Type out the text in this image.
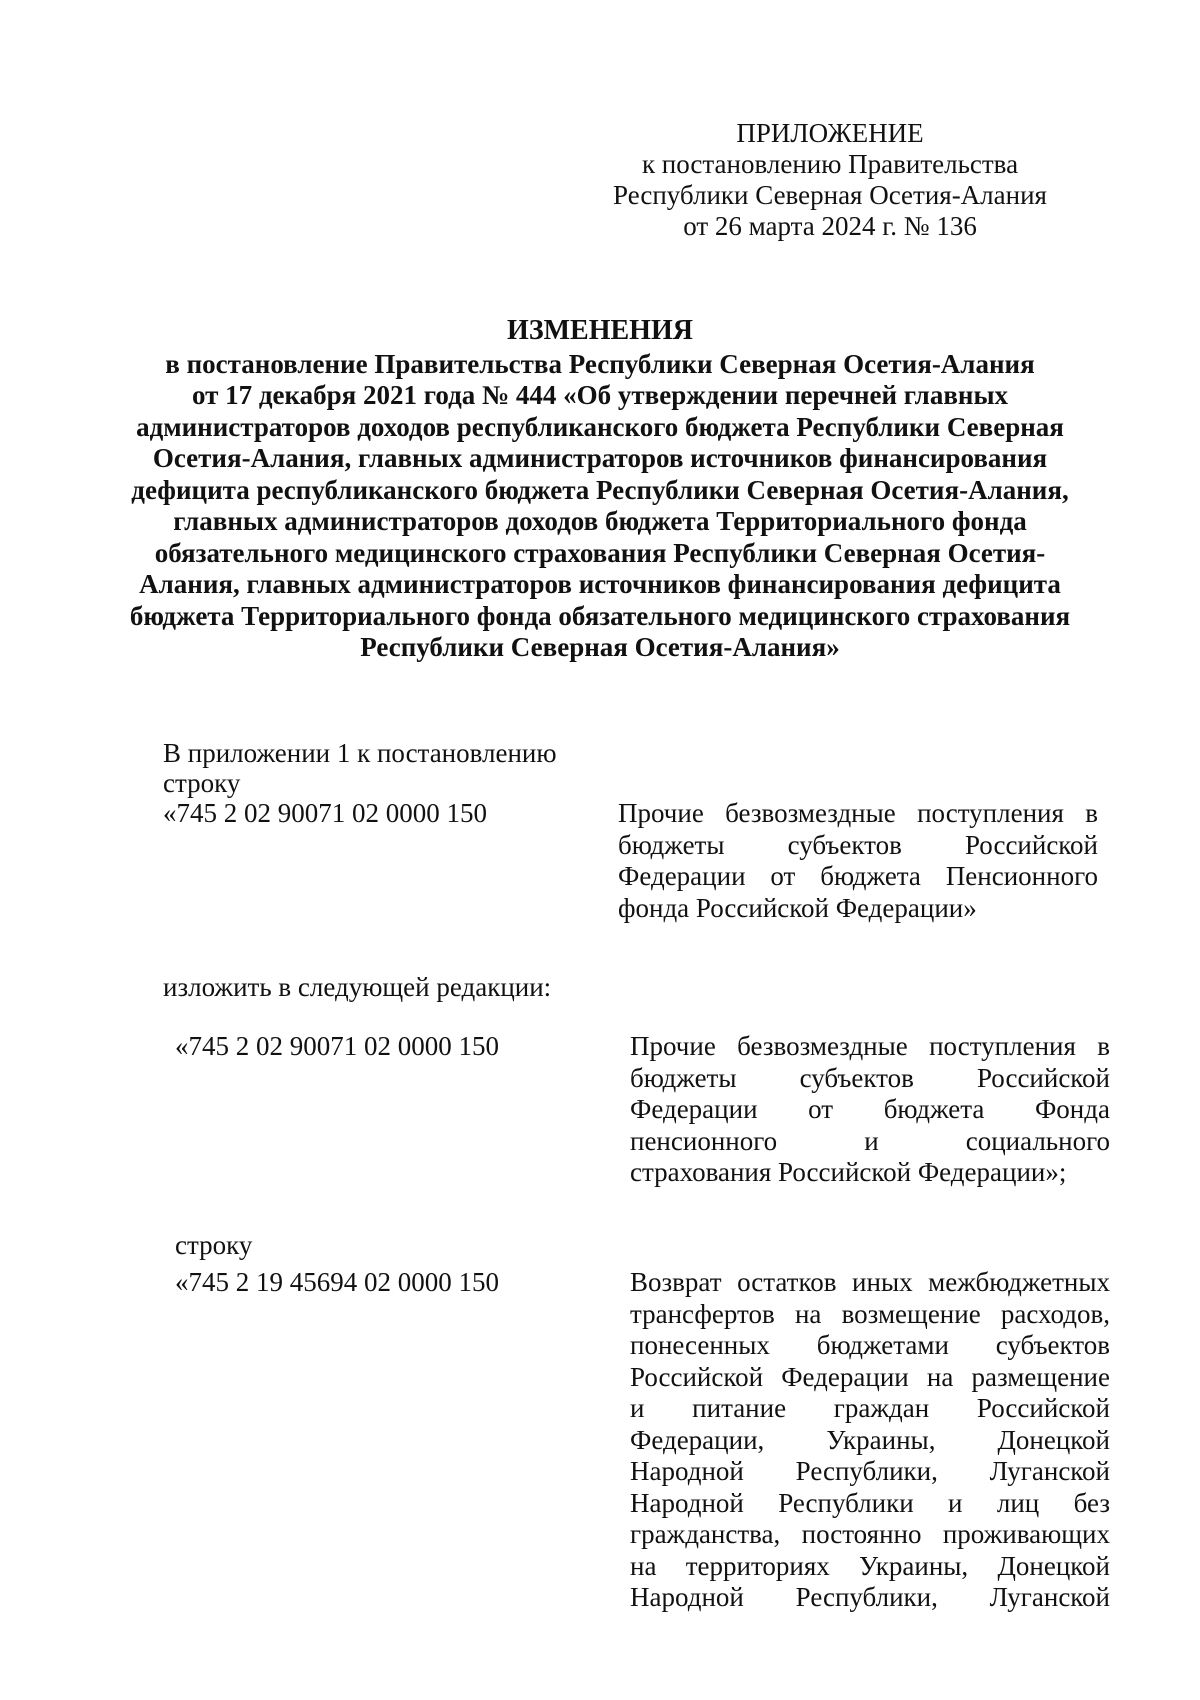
ПРИЛОЖЕНИЕ
к постановлению Правительства
Республики Северная Осетия-Алания
от 26 марта 2024 г. № 136
ИЗМЕНЕНИЯ
в постановление Правительства Республики Северная Осетия-Алания
от 17 декабря 2021 года № 444 «Об утверждении перечней главных
администраторов доходов республиканского бюджета Республики Северная
Осетия-Алания, главных администраторов источников финансирования
дефицита республиканского бюджета Республики Северная Осетия-Алания,
главных администраторов доходов бюджета Территориального фонда
обязательного медицинского страхования Республики Северная Осетия-
Алания, главных администраторов источников финансирования дефицита
бюджета Территориального фонда обязательного медицинского страхования
Республики Северная Осетия-Алания»
В приложении 1 к постановлению
строку
«745 2 02 90071 02 0000 150	Прочие безвозмездные поступления в
бюджеты субъектов Российской
Федерации от бюджета Пенсионного
фонда Российской Федерации»
изложить в следующей редакции:
«745 2 02 90071 02 0000 150	Прочие безвозмездные поступления в
бюджеты субъектов Российской
Федерации от бюджета Фонда
пенсионного	и	социального
страхования Российской Федерации»;
строку
«745 2 19 45694 02 0000 150	Возврат остатков иных межбюджетных
трансфертов на возмещение расходов,
понесенных бюджетами субъектов
Российской Федерации на размещение
и питание граждан Российской
Федерации, Украины, Донецкой
Народной Республики, Луганской
Народной Республики и лиц без
гражданства, постоянно проживающих
на территориях Украины, Донецкой
Народной Республики, Луганской
